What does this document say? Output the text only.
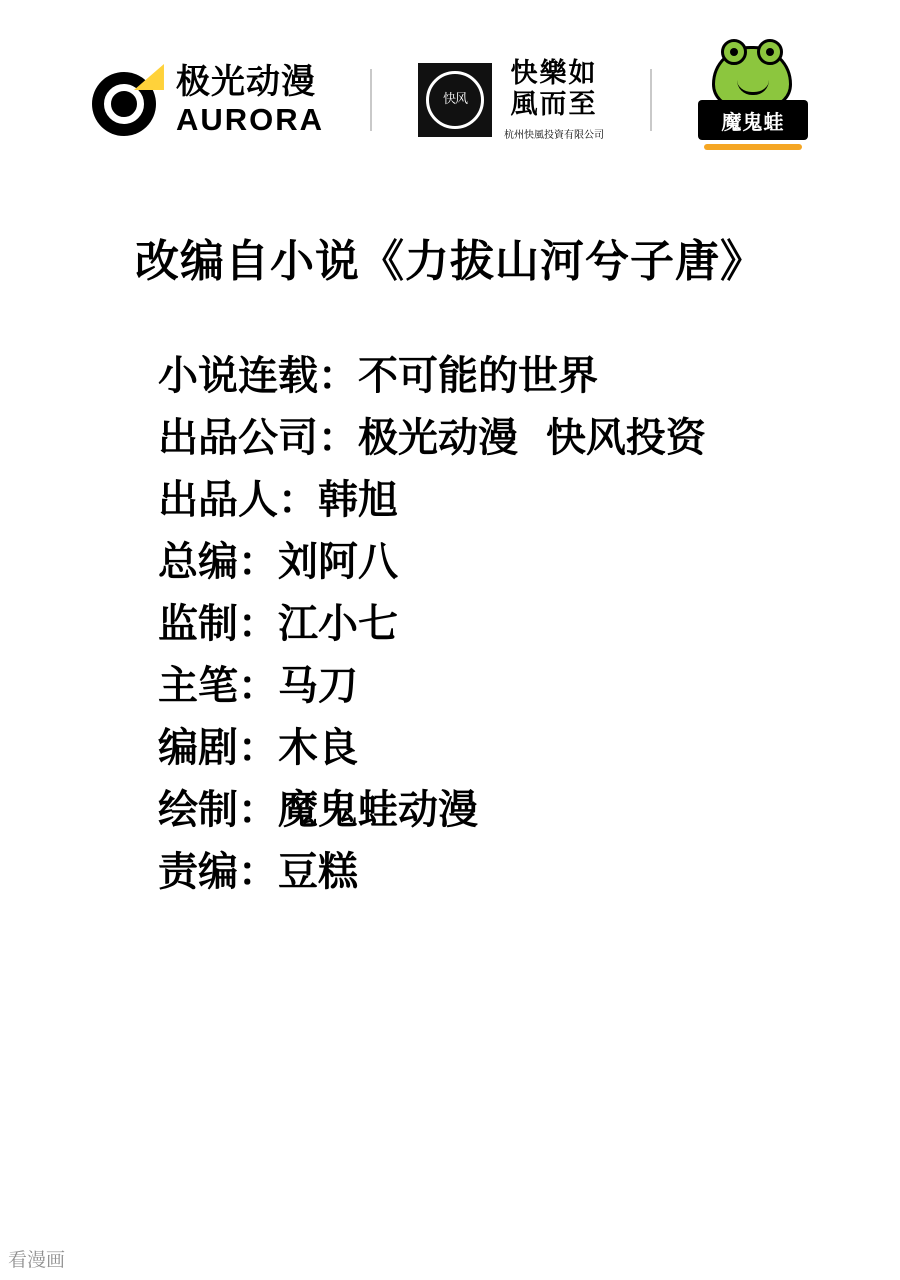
极光动漫
AURORA
快风
快樂如
風而至
杭州快風投資有限公司
魔鬼蛙
改编自小说《力拔山河兮子唐》
小说连载：不可能的世界
出品公司：极光动漫  快风投资
出品人：韩旭
总编：刘阿八
监制：江小七
主笔：马刀
编剧：木良
绘制：魔鬼蛙动漫
责编：豆糕
看漫画
